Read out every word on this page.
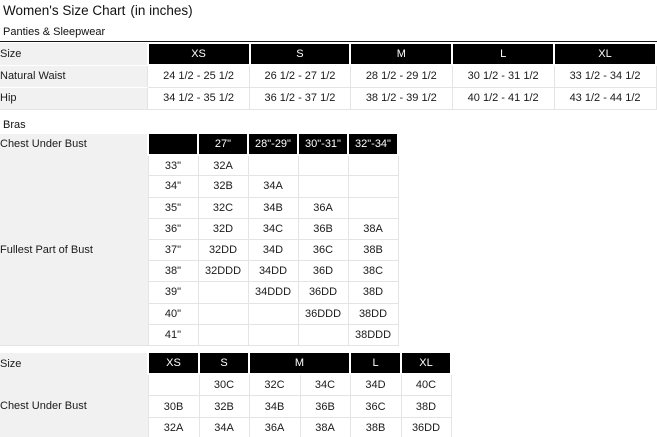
Women's Size Chart (in inches)
Panties & Sleepwear
Size	XS	S	M	L	XL
Natural Waist	24 1/2 - 25 1/2	26 1/2 - 27 1/2	28 1/2 - 29 1/2	30 1/2 - 31 1/2	33 1/2 - 34 1/2
Hip	34 1/2 - 35 1/2	36 1/2 - 37 1/2	38 1/2 - 39 1/2	40 1/2 - 41 1/2	43 1/2 - 44 1/2
Bras
Chest Under Bust		27"	28"-29"	30"-31"	32"-34"
Fullest Part of Bust	33"	32A			
	34"	32B	34A		
	35"	32C	34B	36A	
	36"	32D	34C	36B	38A
	37"	32DD	34D	36C	38B
	38"	32DDD	34DD	36D	38C
	39"		34DDD	36DD	38D
	40"			36DDD	38DD
	41"				38DDD
Size	XS	S	M		L	XL
Chest Under Bust		30C	32C	34C	34D	40C
	30B	32B	34B	36B	36C	38D
	32A	34A	36A	38A	38B	36DD
